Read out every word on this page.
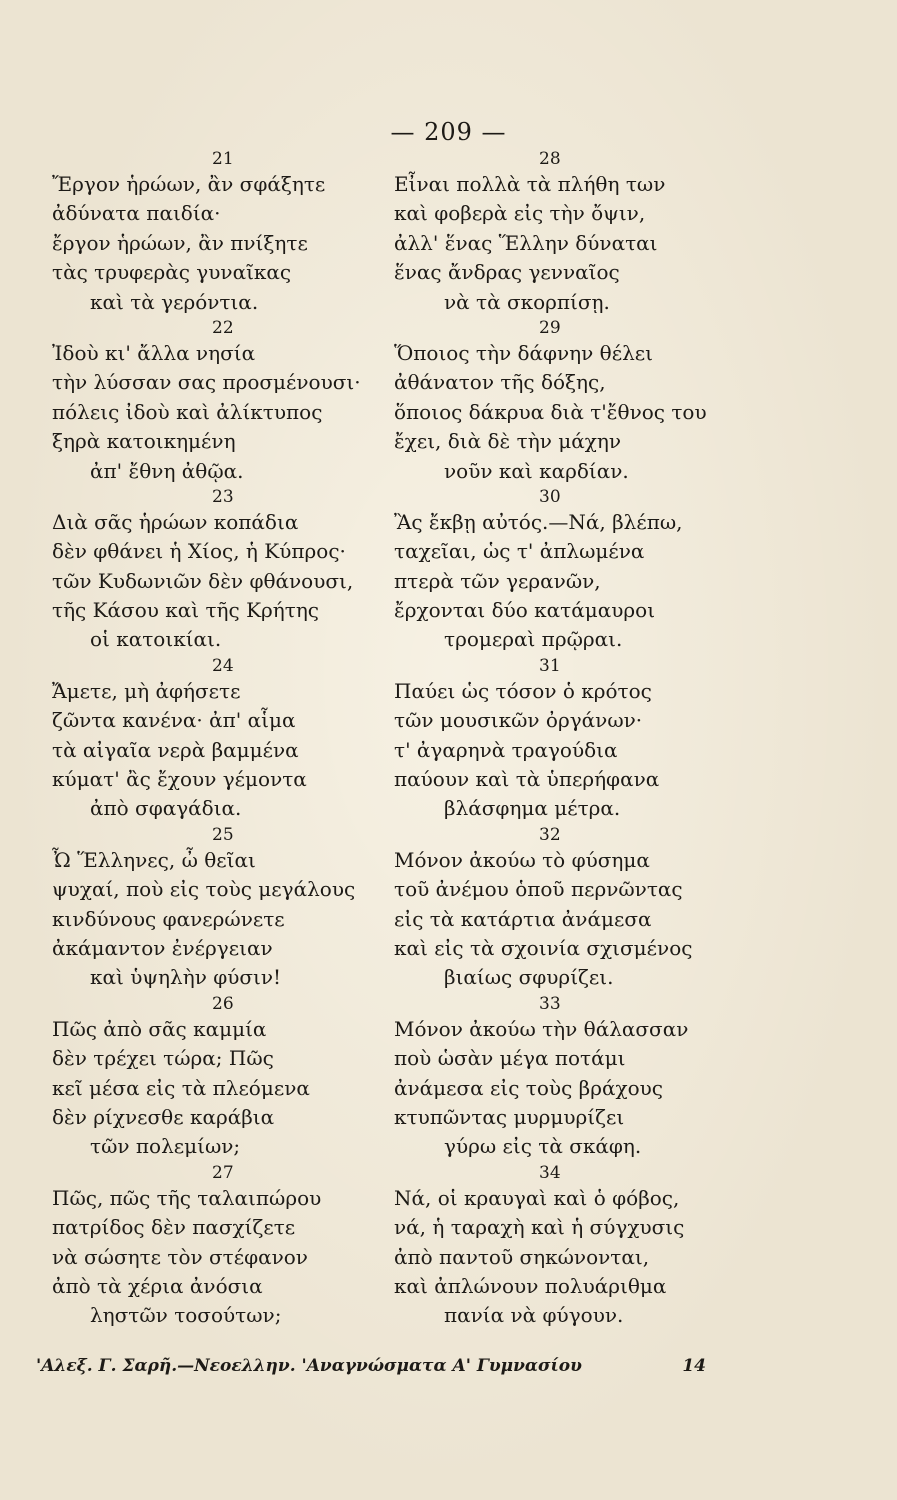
— 209 —
21
Ἔργον ἡρώων, ἂν σφάξητε
ἀδύνατα παιδία·
ἔργον ἡρώων, ἂν πνίξητε
τὰς τρυφερὰς γυναῖκας
καὶ τὰ γερόντια.
22
Ἰδοὺ κι' ἄλλα νησία
τὴν λύσσαν σας προσμένουσι·
πόλεις ἰδοὺ καὶ ἀλίκτυπος
ξηρὰ κατοικημένη
ἀπ' ἔθνη ἀθῷα.
23
Διὰ σᾶς ἡρώων κοπάδια
δὲν φθάνει ἡ Χίος, ἡ Κύπρος·
τῶν Κυδωνιῶν δὲν φθάνουσι,
τῆς Κάσου καὶ τῆς Κρήτης
οἱ κατοικίαι.
24
Ἄμετε, μὴ ἀφήσετε
ζῶντα κανένα· ἀπ' αἷμα
τὰ αἰγαῖα νερὰ βαμμένα
κύματ' ἂς ἔχουν γέμοντα
ἀπὸ σφαγάδια.
25
Ὦ Ἕλληνες, ὦ θεῖαι
ψυχαί, ποὺ εἰς τοὺς μεγάλους
κινδύνους φανερώνετε
ἀκάμαντον ἐνέργειαν
καὶ ὑψηλὴν φύσιν!
26
Πῶς ἀπὸ σᾶς καμμία
δὲν τρέχει τώρα; Πῶς
κεῖ μέσα εἰς τὰ πλεόμενα
δὲν ρίχνεσθε καράβια
τῶν πολεμίων;
27
Πῶς, πῶς τῆς ταλαιπώρου
πατρίδος δὲν πασχίζετε
νὰ σώσητε τὸν στέφανον
ἀπὸ τὰ χέρια ἀνόσια
ληστῶν τοσούτων;
28
Εἶναι πολλὰ τὰ πλήθη των
καὶ φοβερὰ εἰς τὴν ὄψιν,
ἀλλ' ἕνας Ἕλλην δύναται
ἕνας ἄνδρας γενναῖος
νὰ τὰ σκορπίσῃ.
29
Ὅποιος τὴν δάφνην θέλει
ἀθάνατον τῆς δόξης,
ὅποιος δάκρυα διὰ τ'ἔθνος του
ἔχει, διὰ δὲ τὴν μάχην
νοῦν καὶ καρδίαν.
30
Ἂς ἔκβῃ αὐτός.—Νά, βλέπω,
ταχεῖαι, ὡς τ' ἀπλωμένα
πτερὰ τῶν γερανῶν,
ἔρχονται δύο κατάμαυροι
τρομεραὶ πρῷραι.
31
Παύει ὡς τόσον ὁ κρότος
τῶν μουσικῶν ὀργάνων·
τ' ἀγαρηνὰ τραγούδια
παύουν καὶ τὰ ὑπερήφανα
βλάσφημα μέτρα.
32
Μόνον ἀκούω τὸ φύσημα
τοῦ ἀνέμου ὁποῦ περνῶντας
εἰς τὰ κατάρτια ἀνάμεσα
καὶ εἰς τὰ σχοινία σχισμένος
βιαίως σφυρίζει.
33
Μόνον ἀκούω τὴν θάλασσαν
ποὺ ὡσὰν μέγα ποτάμι
ἀνάμεσα εἰς τοὺς βράχους
κτυπῶντας μυρμυρίζει
γύρω εἰς τὰ σκάφη.
34
Νά, οἱ κραυγαὶ καὶ ὁ φόβος,
νά, ἡ ταραχὴ καὶ ἡ σύγχυσις
ἀπὸ παντοῦ σηκώνονται,
καὶ ἀπλώνουν πολυάριθμα
πανία νὰ φύγουν.
'Αλεξ. Γ. Σαρῆ.—Νεοελλην. 'Αναγνώσματα Α' Γυμνασίου	14
